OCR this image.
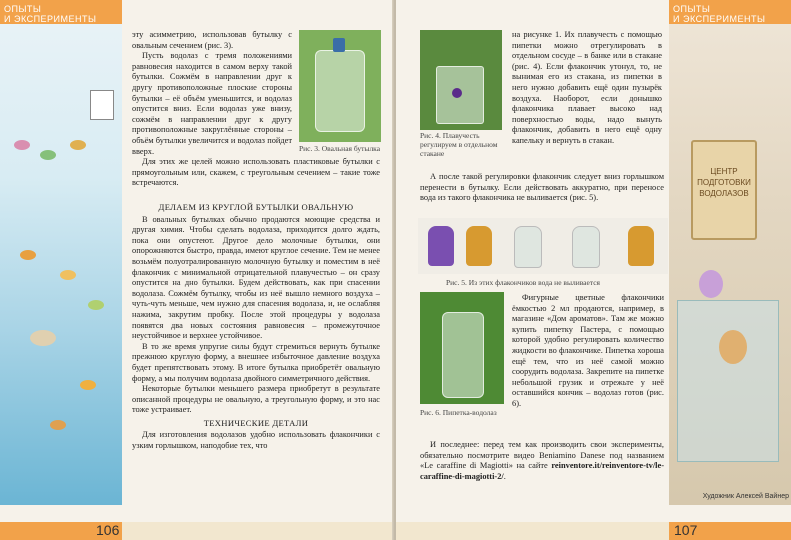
ОПЫТЫ
И ЭКСПЕРИМЕНТЫ

эту асимметрию, использовав бутылку с овальным сечением (рис. 3).

Пусть водолаз с тремя положениями равновесия находится в самом верху такой бутылки. Сожмём в направлении друг к другу противоположные плоские стороны бутылки – её объём уменьшится, и водолаз опустится вниз. Если водолаз уже внизу, сожмём в направлении друг к другу противоположные закруглённые стороны – объём бутылки увеличится и водолаз пойдет вверх.

Для этих же целей можно использовать пластиковые бутылки с прямоугольным или, скажем, с треугольным сечением – такие тоже встречаются.

Рис. 3. Овальная бутылка
ДЕЛАЕМ ИЗ КРУГЛОЙ БУТЫЛКИ ОВАЛЬНУЮ

В овальных бутылках обычно продаются моющие средства и другая химия. Чтобы сделать водолаза, приходится долго ждать, пока они опустеют. Другое дело молочные бутылки, они опорожняются быстро, правда, имеют круглое сечение. Тем не менее возьмём полуотралированную молочную бутылку и поместим в неё флакончик с минимальной отрицательной плавучестью – он сразу опустится на дно бутылки. Будем действовать, как при спасении водолаза. Сожмём бутылку, чтобы из неё вышло немного воздуха – чуть-чуть меньше, чем нужно для спасения водолаза, и, не ослабляя нажима, закрутим пробку. После этой процедуры у водолаза появятся два новых состояния равновесия – промежуточное неустойчивое и верхнее устойчивое.

В то же время упругие силы будут стремиться вернуть бутылке прежнюю круглую форму, а внешнее избыточное давление воздуха будет препятствовать этому. В итоге бутылка приобретёт овальную форму, а мы получим водолаза двойного симметричного действия.

Некоторые бутылки меньшего размера приобретут в результате описанной процедуры не овальную, а треугольную форму, и это нас тоже устраивает.

ТЕХНИЧЕСКИЕ ДЕТАЛИ

Для изготовления водолазов удобно использовать флакончики с узким горлышком, наподобие тех, что

106
ОПЫТЫ
И ЭКСПЕРИМЕНТЫ
ЦЕНТР
ПОДГОТОВКИ
ВОДОЛАЗОВ
Художник Алексей Вайнер
Рис. 4. Плавучесть регулируем в отдельном стакане

на рисунке 1. Их плавучесть с помощью пипетки можно отрегулировать в отдельном сосуде – в банке или в стакане (рис. 4). Если флакончик утонул, то, не вынимая его из стакана, из пипетки в него нужно добавить ещё один пузырёк воздуха. Наоборот, если донышко флакончика плавает высоко над поверхностью воды, надо вынуть флакончик, добавить в него ещё одну капельку и вернуть в стакан.

А после такой регулировки флакончик следует вниз горлышком перенести в бутылку. Если действовать аккуратно, при переносе вода из такого флакончика не выливается (рис. 5).

Рис. 5. Из этих флакончиков вода не выливается
Рис. 6. Пипетка-водолаз

Фигурные цветные флакончики ёмкостью 2 мл продаются, например, в магазине «Дом ароматов». Там же можно купить пипетку Пастера, с помощью которой удобно регулировать количество жидкости во флакончике. Пипетка хороша ещё тем, что из неё самой можно соорудить водолаза. Закрепите на пипетке небольшой грузик и отрежьте у неё оставшийся кончик – водолаз готов (рис. 6).

И последнее: перед тем как производить свои эксперименты, обязательно посмотрите видео Beniamino Danese под названием «Le caraffine di Magiotti» на сайте reinventore.it/reinventore-tv/le-caraffine-di-magiotti-2/.

107
